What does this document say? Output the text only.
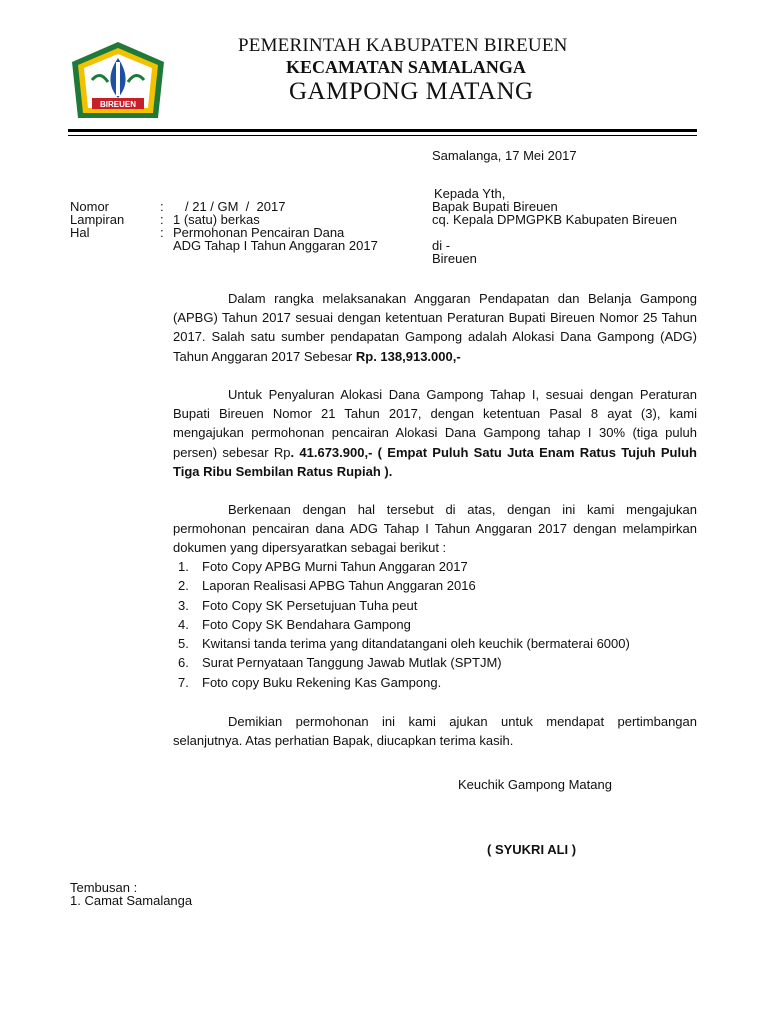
BIREUEN
PEMERINTAH KABUPATEN BIREUEN
KECAMATAN SAMALANGA
GAMPONG MATANG
Samalanga, 17 Mei 2017
Nomor	: / 21 / GM  /  2017
Lampiran	: 1 (satu) berkas
Hal	: Permohonan Pencairan Dana
ADG Tahap I Tahun Anggaran 2017
Kepada Yth,
Bapak Bupati Bireuen
cq. Kepala DPMGPKB Kabupaten Bireuen
di -
Bireuen
Dalam rangka melaksanakan Anggaran Pendapatan dan Belanja Gampong (APBG) Tahun 2017 sesuai dengan ketentuan Peraturan Bupati Bireuen Nomor 25 Tahun 2017. Salah satu sumber pendapatan Gampong adalah Alokasi Dana Gampong (ADG) Tahun Anggaran 2017 Sebesar Rp. 138,913.000,-
Untuk Penyaluran Alokasi Dana Gampong Tahap I, sesuai dengan Peraturan Bupati Bireuen Nomor 21 Tahun 2017, dengan ketentuan Pasal 8 ayat (3), kami mengajukan permohonan pencairan Alokasi Dana Gampong tahap I 30% (tiga puluh persen) sebesar Rp. 41.673.900,- ( Empat Puluh Satu Juta Enam Ratus Tujuh Puluh Tiga Ribu Sembilan Ratus Rupiah ).
Berkenaan dengan hal tersebut di atas, dengan ini kami mengajukan permohonan pencairan dana ADG Tahap I Tahun Anggaran 2017 dengan melampirkan dokumen yang dipersyaratkan sebagai berikut :
1. Foto Copy APBG Murni Tahun Anggaran 2017
2. Laporan Realisasi APBG Tahun Anggaran 2016
3. Foto Copy SK Persetujuan Tuha peut
4. Foto Copy SK Bendahara Gampong
5. Kwitansi tanda terima yang ditandatangani oleh keuchik (bermaterai 6000)
6. Surat Pernyataan Tanggung Jawab Mutlak (SPTJM)
7. Foto copy Buku Rekening Kas Gampong.
Demikian permohonan ini kami ajukan untuk mendapat pertimbangan selanjutnya. Atas perhatian Bapak, diucapkan terima kasih.
Keuchik Gampong Matang
( SYUKRI ALI )
Tembusan :
1. Camat Samalanga
